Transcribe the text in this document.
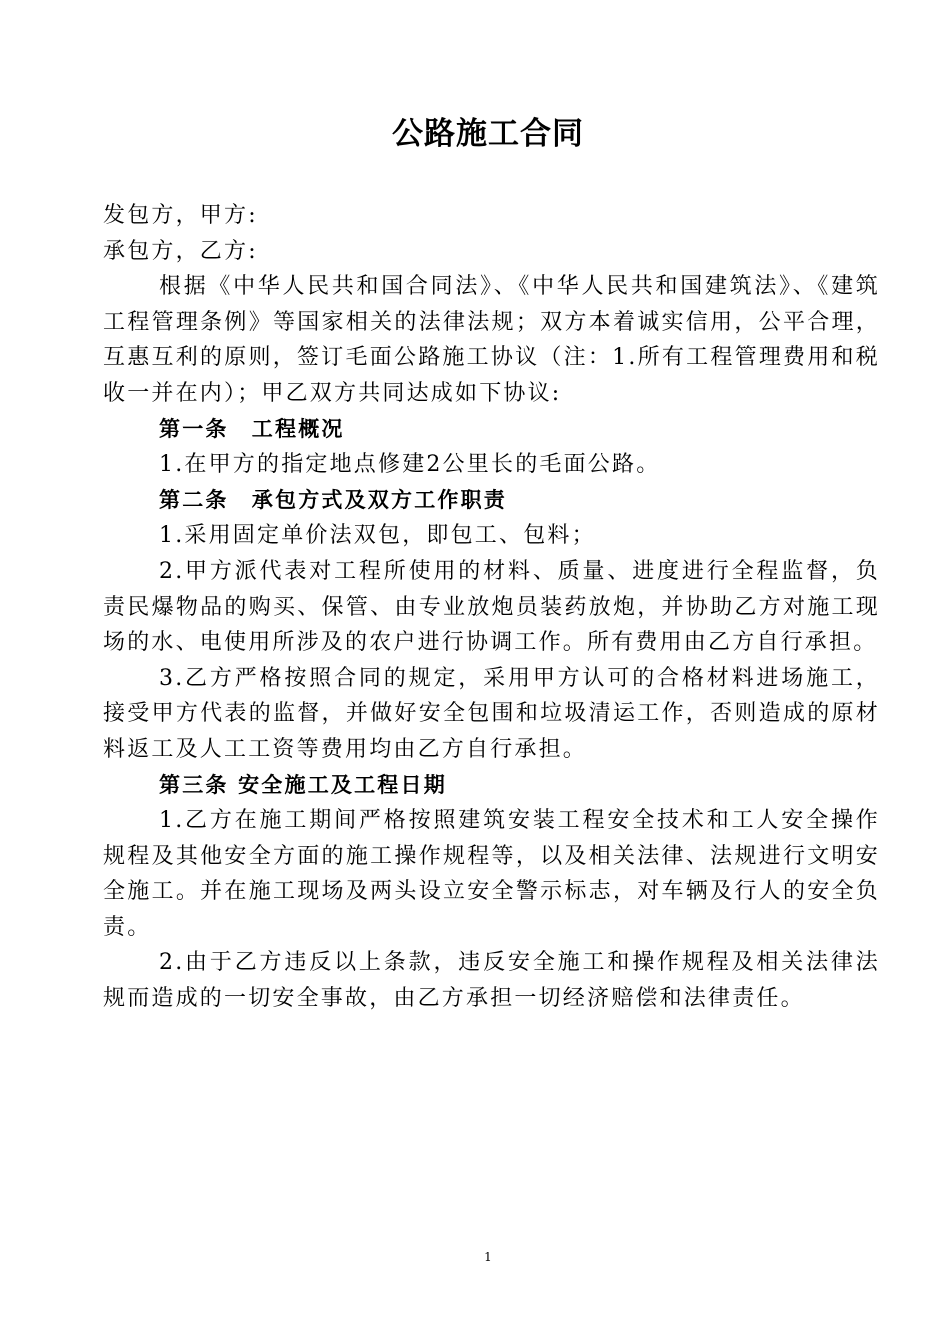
公路施工合同

发包方，甲方:

承包方，乙方:

根据《中华人民共和国合同法》、《中华人民共和国建筑法》、《建筑工程管理条例》等国家相关的法律法规；双方本着诚实信用，公平合理，互惠互利的原则，签订毛面公路施工协议（注：1.所有工程管理费用和税收一并在内）；甲乙双方共同达成如下协议:

第一条　工程概况

1.在甲方的指定地点修建2公里长的毛面公路。

第二条　承包方式及双方工作职责

1.采用固定单价法双包，即包工、包料；

2.甲方派代表对工程所使用的材料、质量、进度进行全程监督，负责民爆物品的购买、保管、由专业放炮员装药放炮，并协助乙方对施工现场的水、电使用所涉及的农户进行协调工作。所有费用由乙方自行承担。

3.乙方严格按照合同的规定，采用甲方认可的合格材料进场施工，接受甲方代表的监督，并做好安全包围和垃圾清运工作，否则造成的原材料返工及人工工资等费用均由乙方自行承担。

第三条 安全施工及工程日期

1.乙方在施工期间严格按照建筑安装工程安全技术和工人安全操作规程及其他安全方面的施工操作规程等，以及相关法律、法规进行文明安全施工。并在施工现场及两头设立安全警示标志，对车辆及行人的安全负责。

2.由于乙方违反以上条款，违反安全施工和操作规程及相关法律法规而造成的一切安全事故，由乙方承担一切经济赔偿和法律责任。

1
